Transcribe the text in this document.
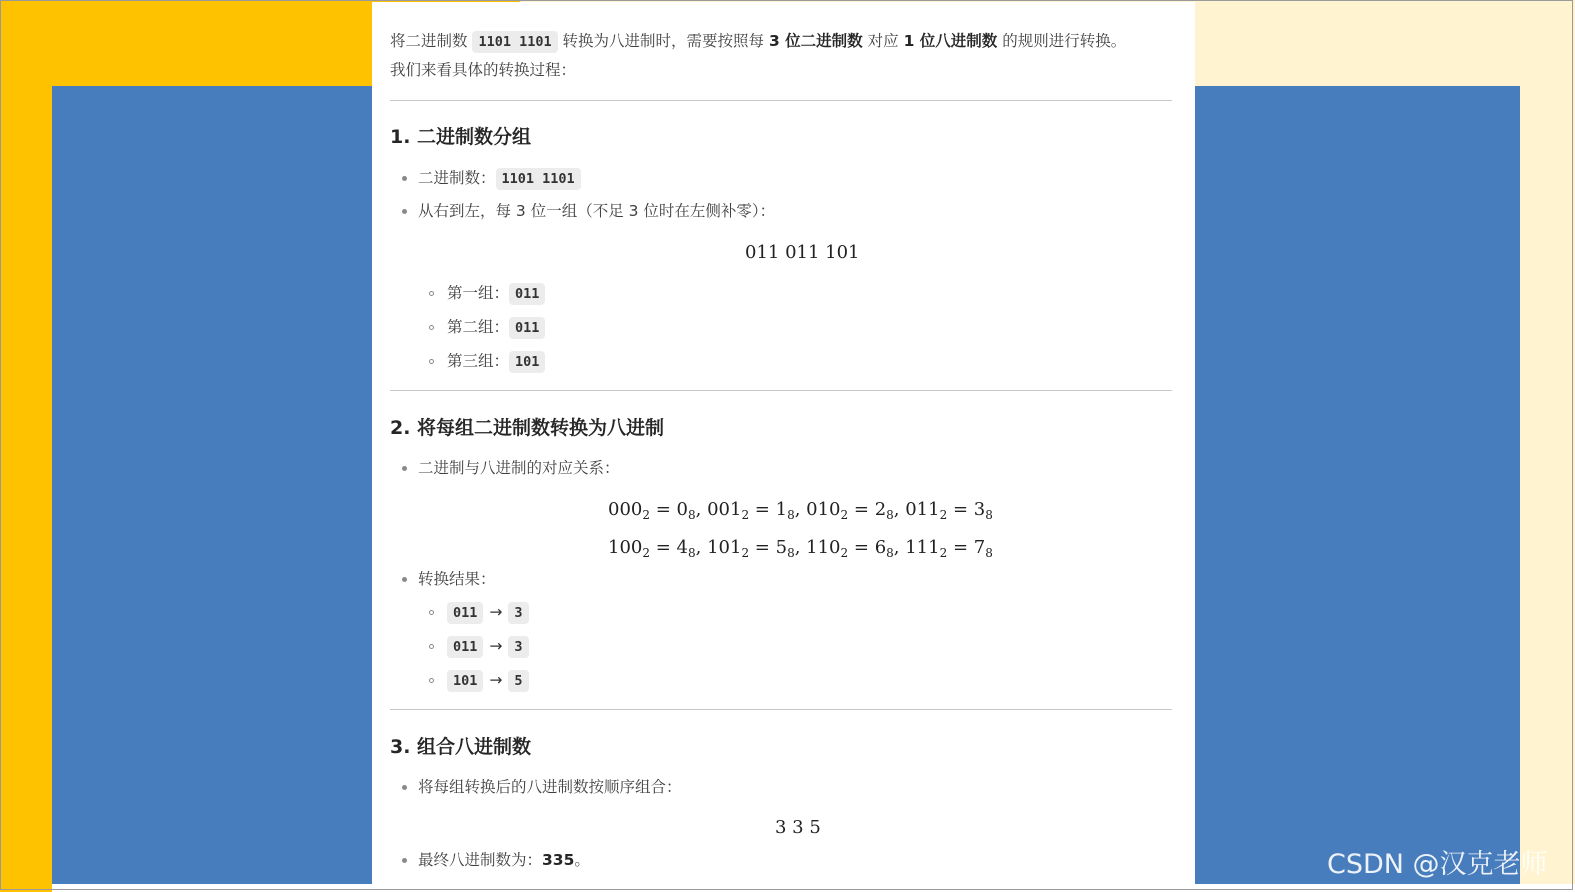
将二进制数 1101 1101 转换为八进制时，需要按照每 3 位二进制数 对应 1 位八进制数 的规则进行转换。
我们来看具体的转换过程：
1. 二进制数分组
二进制数： 1101 1101
从右到左，每 3 位一组（不足 3 位时在左侧补零）：
011 011 101
第一组： 011
第二组： 011
第三组： 101
2. 将每组二进制数转换为八进制
二进制与八进制的对应关系：
$000_2 = 0_8$, $001_2 = 1_8$, $010_2 = 2_8$, $011_2 = 3_8$
$100_2 = 4_8$, $101_2 = 5_8$, $110_2 = 6_8$, $111_2 = 7_8$
转换结果：
011 → 3
011 → 3
101 → 5
3. 组合八进制数
将每组转换后的八进制数按顺序组合：
3 3 5
最终八进制数为：335。	CSDN @汉克老师
